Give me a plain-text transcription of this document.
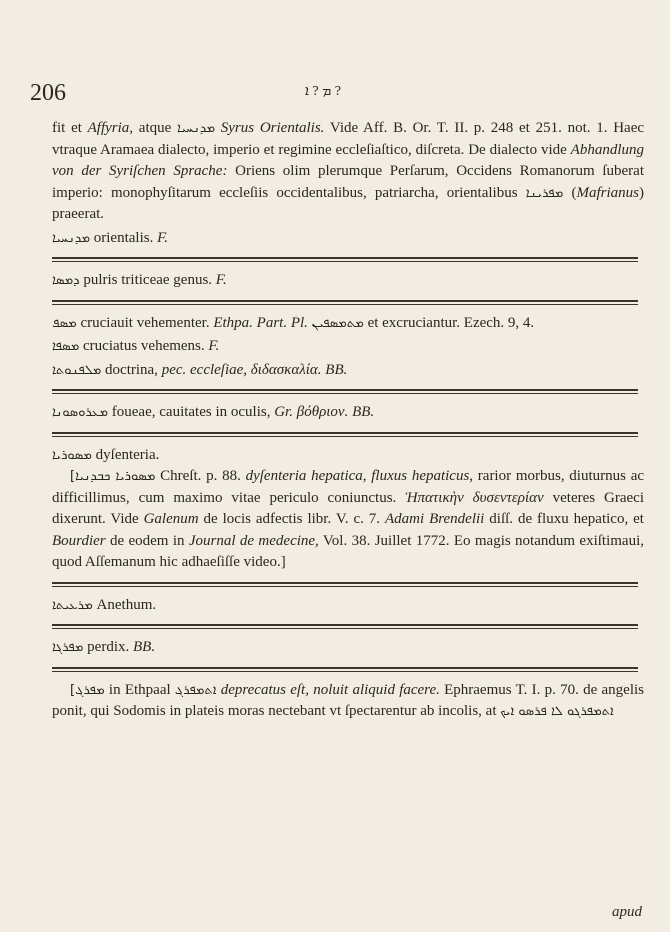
206	ܡ ? ܐ ?

fit et Affyria, atque ܡܕܢܚܝܐ Syrus Orientalis. Vide Aff. B. Or. T. II. p. 248 et 251. not. 1. Haec vtraque Aramaea dialecto, imperio et regimine eccleſiaſtico, diſcreta. De dialecto vide Abhandlung von der Syriſchen Sprache: Oriens olim plerumque Perſarum, Occidens Romanorum ſuberat imperio: monophyſitarum eccleſiis occidentalibus, patriarcha, orientalibus ܡܦܪܝܢܐ (Mafrianus) praeerat.

ܡܕܢܚܝܐ orientalis. F.

ܕܡܣܐ pulris triticeae genus. F.

ܡܣܦ cruciauit vehementer. Ethpa. Part. Pl. ܡܬܡܣܦܝܢ et excruciantur. Ezech. 9, 4.

ܡܣܦܐ cruciatus vehemens. F.

ܡܠܦܢܘܬܐ doctrina, pec. eccleſiae, διδασκαλία. BB.

ܡܥܪܘܣܘܢܐ foueae, cauitates in oculis, Gr. βόθριον. BB.

ܡܣܘܪܝܐ dyſenteria.

[ܡܣܘܪܝܐ ܟܒܕܢܝܐ Chreſt. p. 88. dyſenteria hepatica, fluxus hepaticus, rarior morbus, diuturnus ac difficillimus, cum maximo vitae periculo coniunctus. Ἡπατικὴν δυσεντερίαν veteres Graeci dixerunt. Vide Galenum de locis adfectis libr. V. c. 7. Adami Brendelii diſſ. de fluxu hepatico, et Bourdier de eodem in Journal de medecine, Vol. 38. Juillet 1772. Eo magis notandum exiſtimaui, quod Aſſemanum hic adhaeſiſſe video.]

ܡܪܥܝܬܐ Anethum.

ܡܦܪܓܐ perdix. BB.

[ܡܦܪܓ in Ethpaal ܐܬܡܦܪܓ deprecatus eſt, noluit aliquid facere. Ephraemus T. I. p. 70. de angelis ponit, qui Sodomis in plateis moras nectebant vt ſpectarentur ab incolis, at ܐܬܡܦܪܓܘ ܠܐ ܦܪܣܘ ܐܝܟ

apud
